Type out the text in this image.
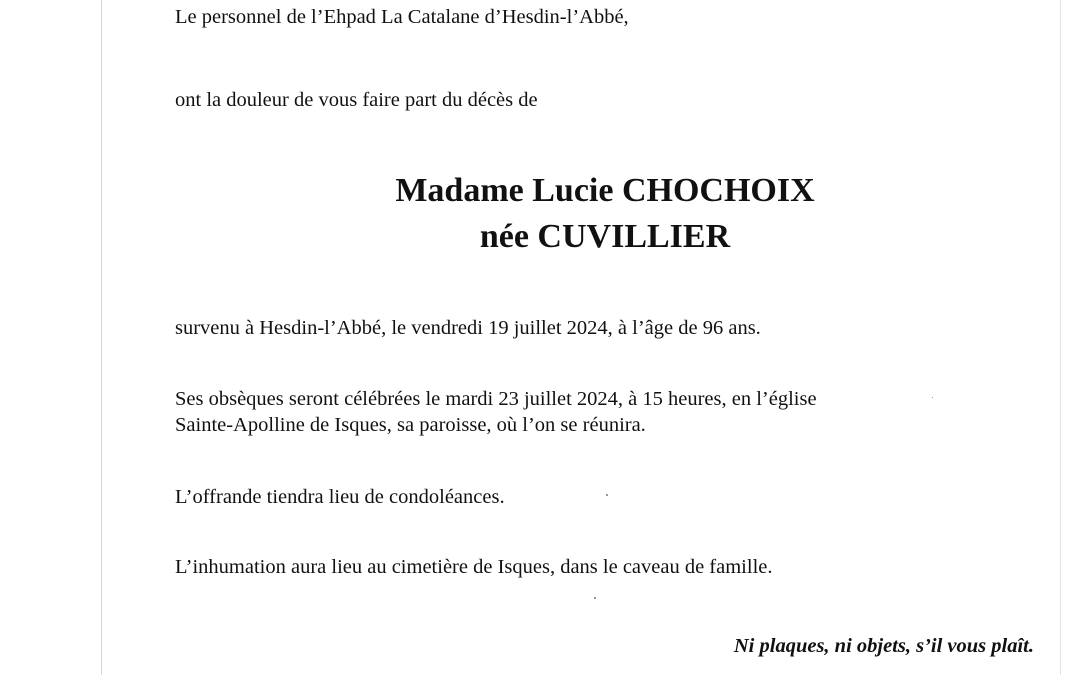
Le personnel de l’Ehpad La Catalane d’Hesdin-l’Abbé,
ont la douleur de vous faire part du décès de
Madame Lucie CHOCHOIX
née CUVILLIER
survenu à Hesdin-l’Abbé, le vendredi 19 juillet 2024, à l’âge de 96 ans.
Ses obsèques seront célébrées le mardi 23 juillet 2024, à 15 heures, en l’église
Sainte-Apolline de Isques, sa paroisse, où l’on se réunira.
L’offrande tiendra lieu de condoléances.
L’inhumation aura lieu au cimetière de Isques, dans le caveau de famille.
Ni plaques, ni objets, s’il vous plaît.
